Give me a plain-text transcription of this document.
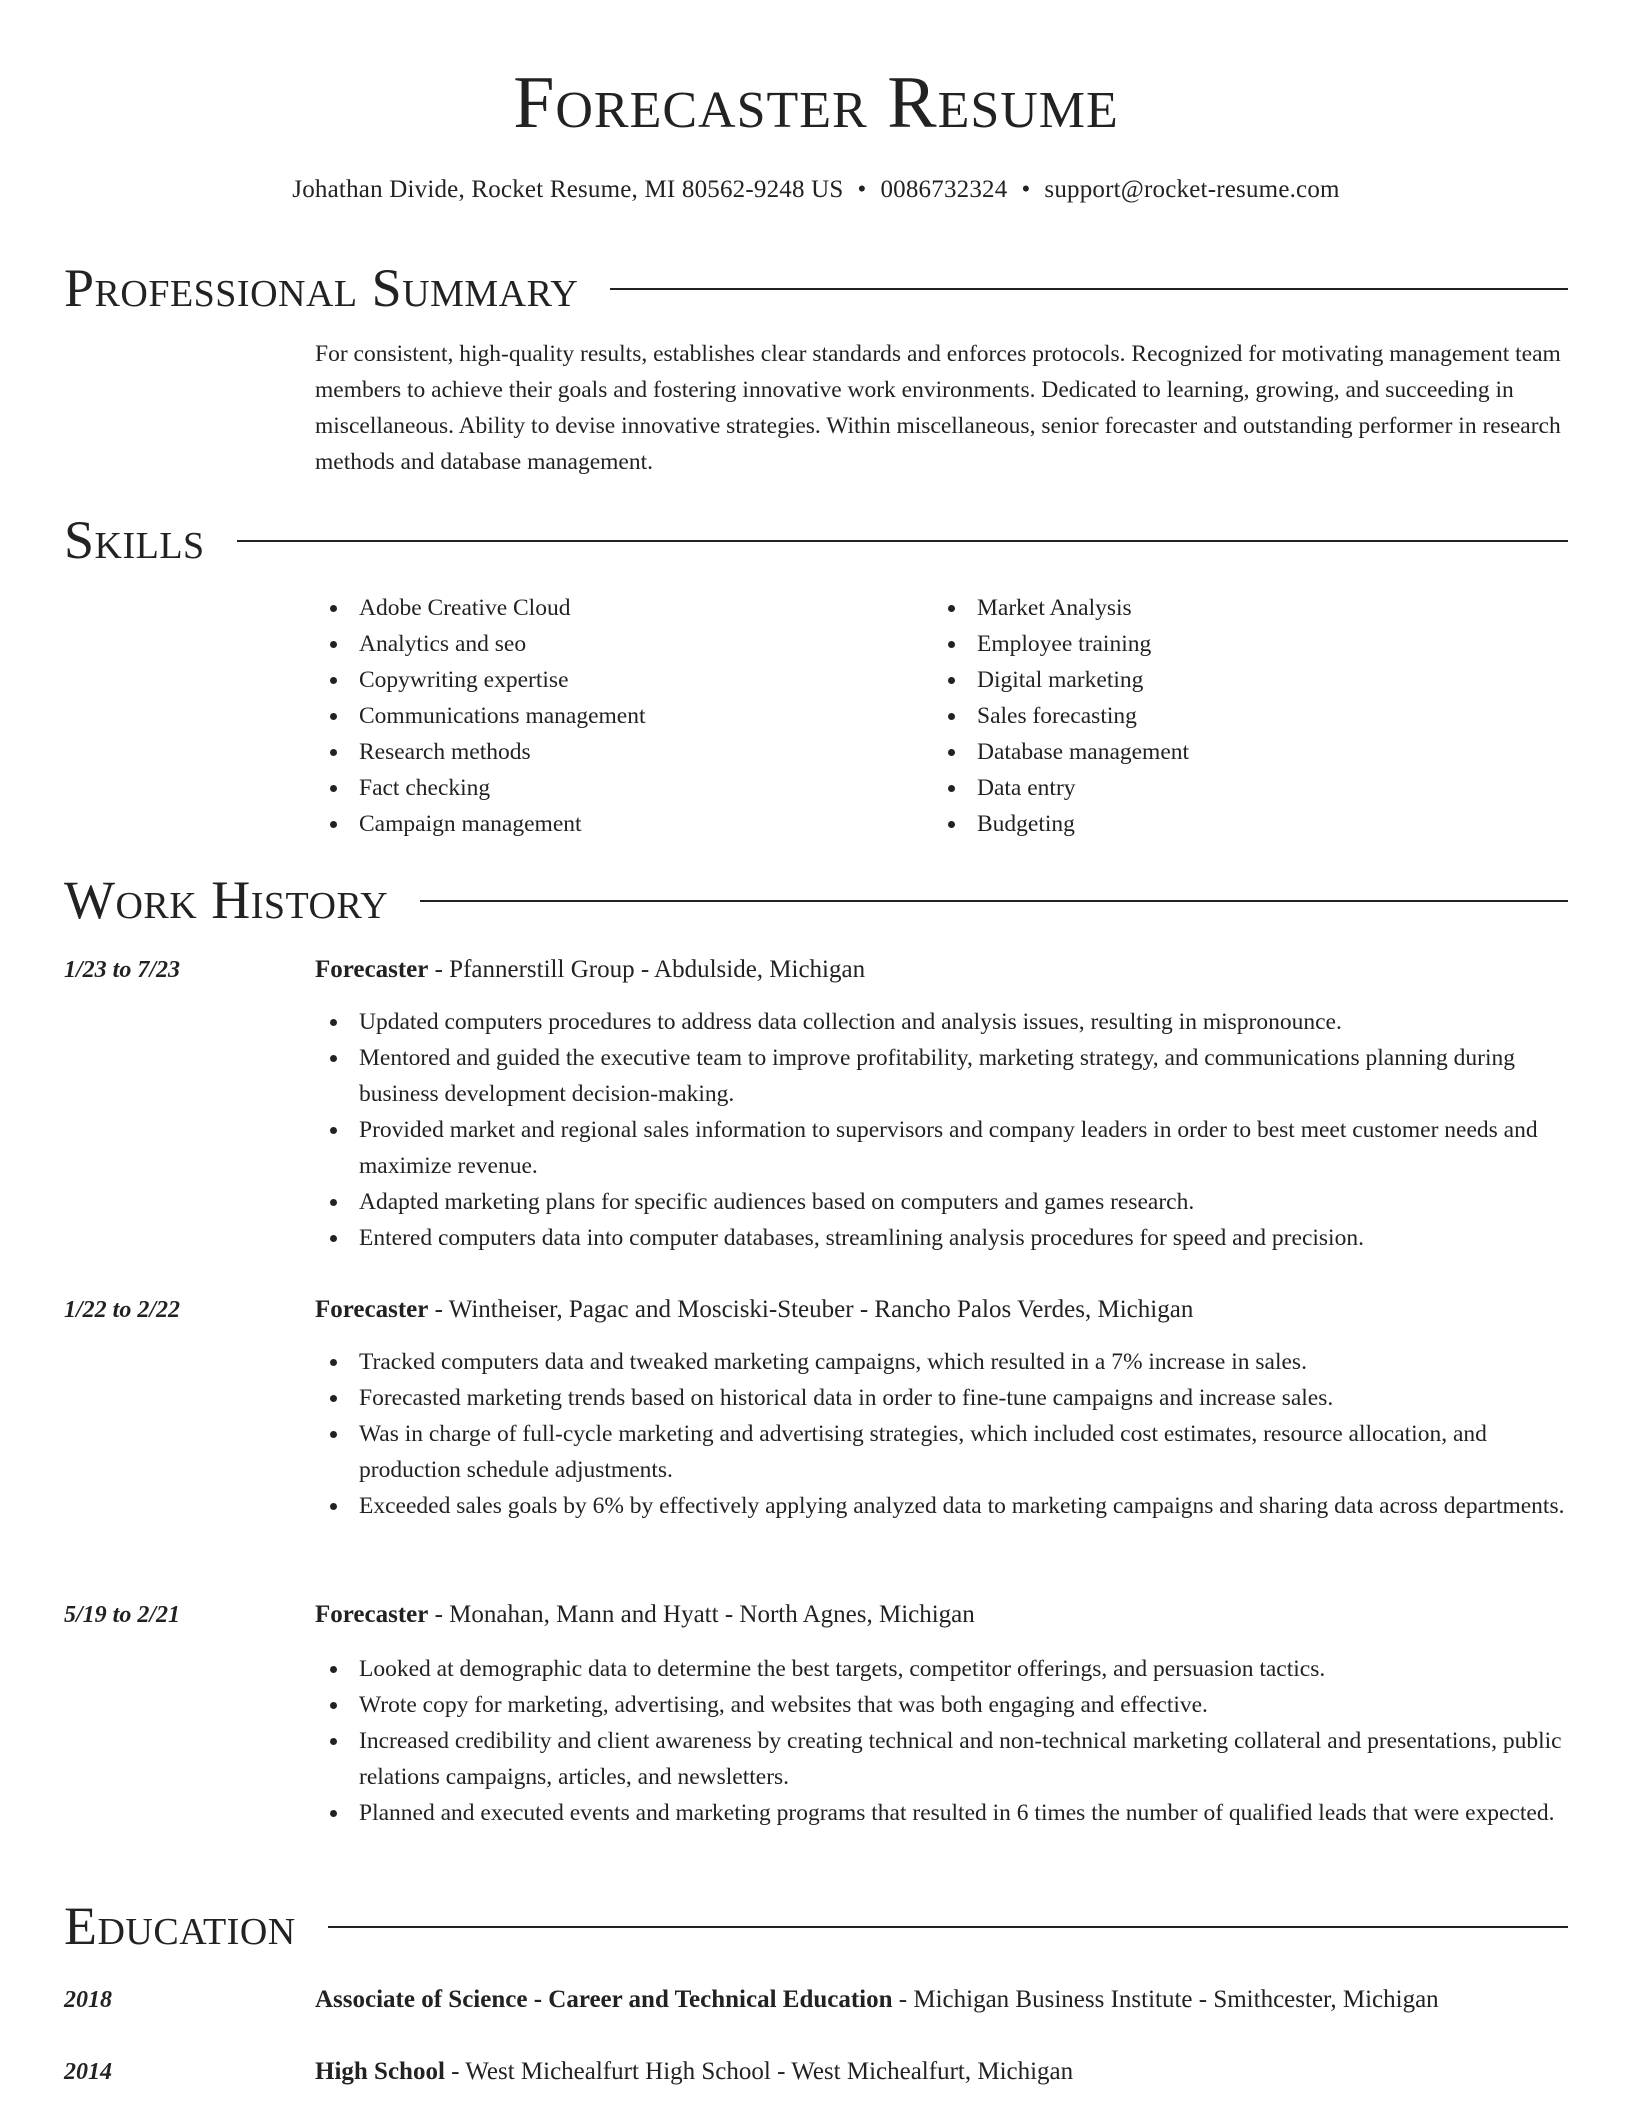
Forecaster Resume
Johathan Divide, Rocket Resume, MI 80562-9248 US • 0086732324 • support@rocket-resume.com
Professional Summary

For consistent, high-quality results, establishes clear standards and enforces protocols. Recognized for motivating management team members to achieve their goals and fostering innovative work environments. Dedicated to learning, growing, and succeeding in miscellaneous. Ability to devise innovative strategies. Within miscellaneous, senior forecaster and outstanding performer in research methods and database management.

Skills
Adobe Creative Cloud
Analytics and seo
Copywriting expertise
Communications management
Research methods
Fact checking
Campaign management
Market Analysis
Employee training
Digital marketing
Sales forecasting
Database management
Data entry
Budgeting
Work History
1/23 to 7/23	Forecaster - Pfannerstill Group - Abdulside, Michigan
Updated computers procedures to address data collection and analysis issues, resulting in mispronounce.
Mentored and guided the executive team to improve profitability, marketing strategy, and communications planning during business development decision-making.
Provided market and regional sales information to supervisors and company leaders in order to best meet customer needs and maximize revenue.
Adapted marketing plans for specific audiences based on computers and games research.
Entered computers data into computer databases, streamlining analysis procedures for speed and precision.
1/22 to 2/22	Forecaster - Wintheiser, Pagac and Mosciski-Steuber - Rancho Palos Verdes, Michigan
Tracked computers data and tweaked marketing campaigns, which resulted in a 7% increase in sales.
Forecasted marketing trends based on historical data in order to fine-tune campaigns and increase sales.
Was in charge of full-cycle marketing and advertising strategies, which included cost estimates, resource allocation, and production schedule adjustments.
Exceeded sales goals by 6% by effectively applying analyzed data to marketing campaigns and sharing data across departments.
5/19 to 2/21	Forecaster - Monahan, Mann and Hyatt - North Agnes, Michigan
Looked at demographic data to determine the best targets, competitor offerings, and persuasion tactics.
Wrote copy for marketing, advertising, and websites that was both engaging and effective.
Increased credibility and client awareness by creating technical and non-technical marketing collateral and presentations, public relations campaigns, articles, and newsletters.
Planned and executed events and marketing programs that resulted in 6 times the number of qualified leads that were expected.
Education
2018	Associate of Science - Career and Technical Education - Michigan Business Institute - Smithcester, Michigan
2014	High School - West Michealfurt High School - West Michealfurt, Michigan
